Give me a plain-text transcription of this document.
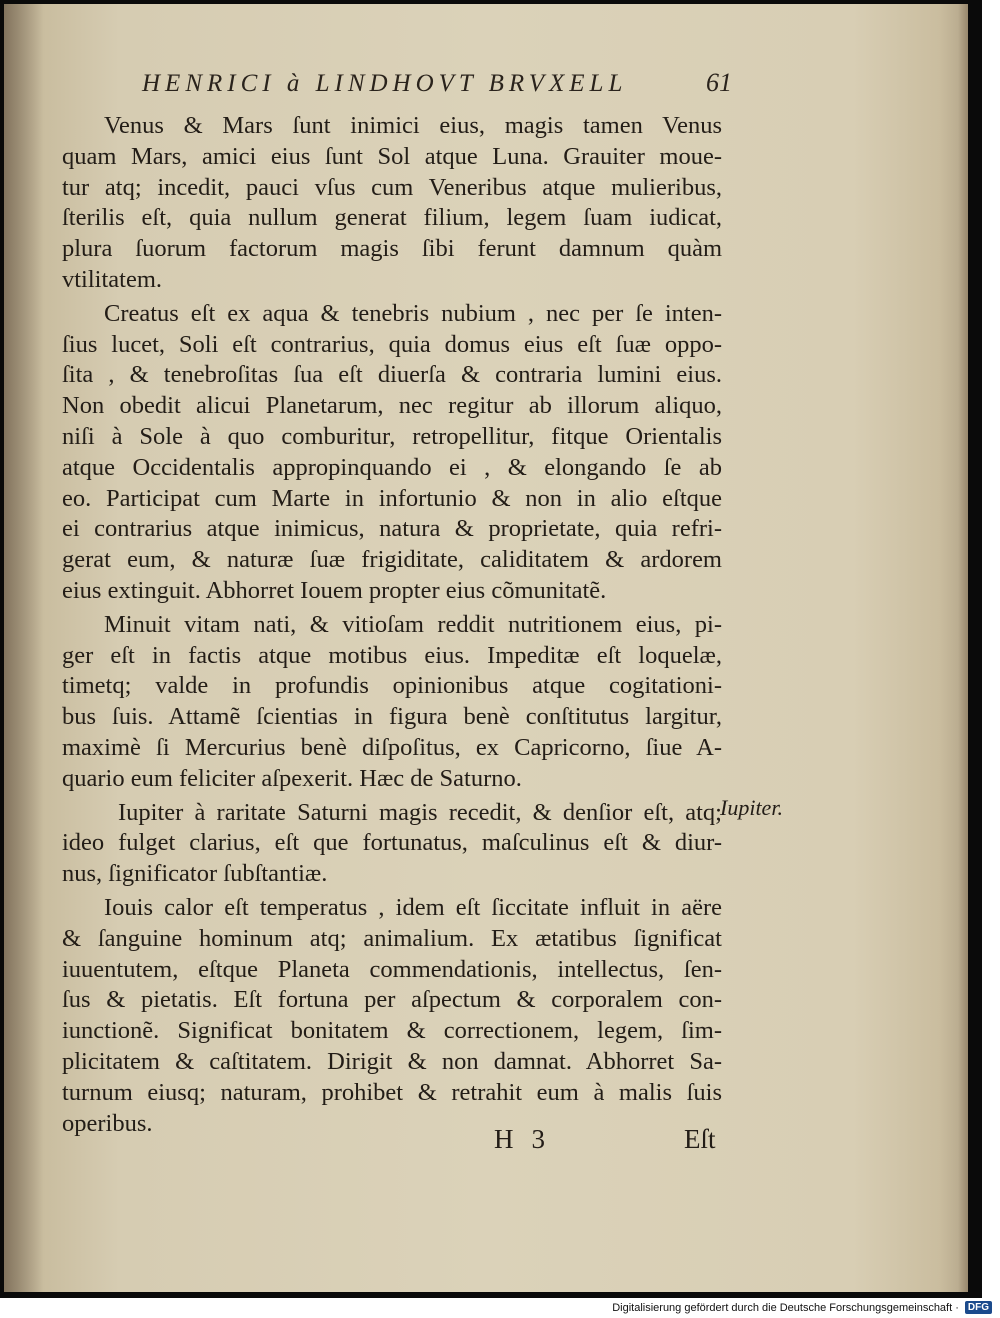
HENRICI à LINDHOVT BRVXELL	61
Venus & Mars ſunt inimici eius, magis tamen Venus
quam Mars, amici eius ſunt Sol atque Luna. Grauiter moue-
tur atq; incedit, pauci vſus cum Veneribus atque mulieribus,
ſterilis eſt, quia nullum generat filium, legem ſuam iudicat,
plura ſuorum factorum magis ſibi ferunt damnum quàm
vtilitatem.
Creatus eſt ex aqua & tenebris nubium , nec per ſe inten-
ſius lucet, Soli eſt contrarius, quia domus eius eſt ſuæ oppo-
ſita , & tenebroſitas ſua eſt diuerſa & contraria lumini eius.
Non obedit alicui Planetarum, nec regitur ab illorum aliquo,
niſi à Sole à quo comburitur, retropellitur, fitque Orientalis
atque Occidentalis appropinquando ei , & elongando ſe ab
eo. Participat cum Marte in infortunio & non in alio eſtque
ei contrarius atque inimicus, natura & proprietate, quia refri-
gerat eum, & naturæ ſuæ frigiditate, caliditatem & ardorem
eius extinguit. Abhorret Iouem propter eius cõmunitatẽ.
Minuit vitam nati, & vitioſam reddit nutritionem eius, pi-
ger eſt in factis atque motibus eius. Impeditæ eſt loquelæ,
timetq; valde in profundis opinionibus atque cogitationi-
bus ſuis. Attamẽ ſcientias in figura benè conſtitutus largitur,
maximè ſi Mercurius benè diſpoſitus, ex Capricorno, ſiue A-
quario eum feliciter aſpexerit. Hæc de Saturno.
Iupiter à raritate Saturni magis recedit, & denſior eſt, atq;
ideo fulget clarius, eſt que fortunatus, maſculinus eſt & diur-
nus, ſignificator ſubſtantiæ.
Iouis calor eſt temperatus , idem eſt ſiccitate influit in aëre
& ſanguine hominum atq; animalium. Ex ætatibus ſignificat
iuuentutem, eſtque Planeta commendationis, intellectus, ſen-
ſus & pietatis. Eſt fortuna per aſpectum & corporalem con-
iunctionẽ. Significat bonitatem & correctionem, legem, ſim-
plicitatem & caſtitatem. Dirigit & non damnat. Abhorret Sa-
turnum eiusq; naturam, prohibet & retrahit eum à malis ſuis
operibus.
Iupiter.
H 3	Eſt
Digitalisierung gefördert durch die Deutsche Forschungsgemeinschaft · DFG
